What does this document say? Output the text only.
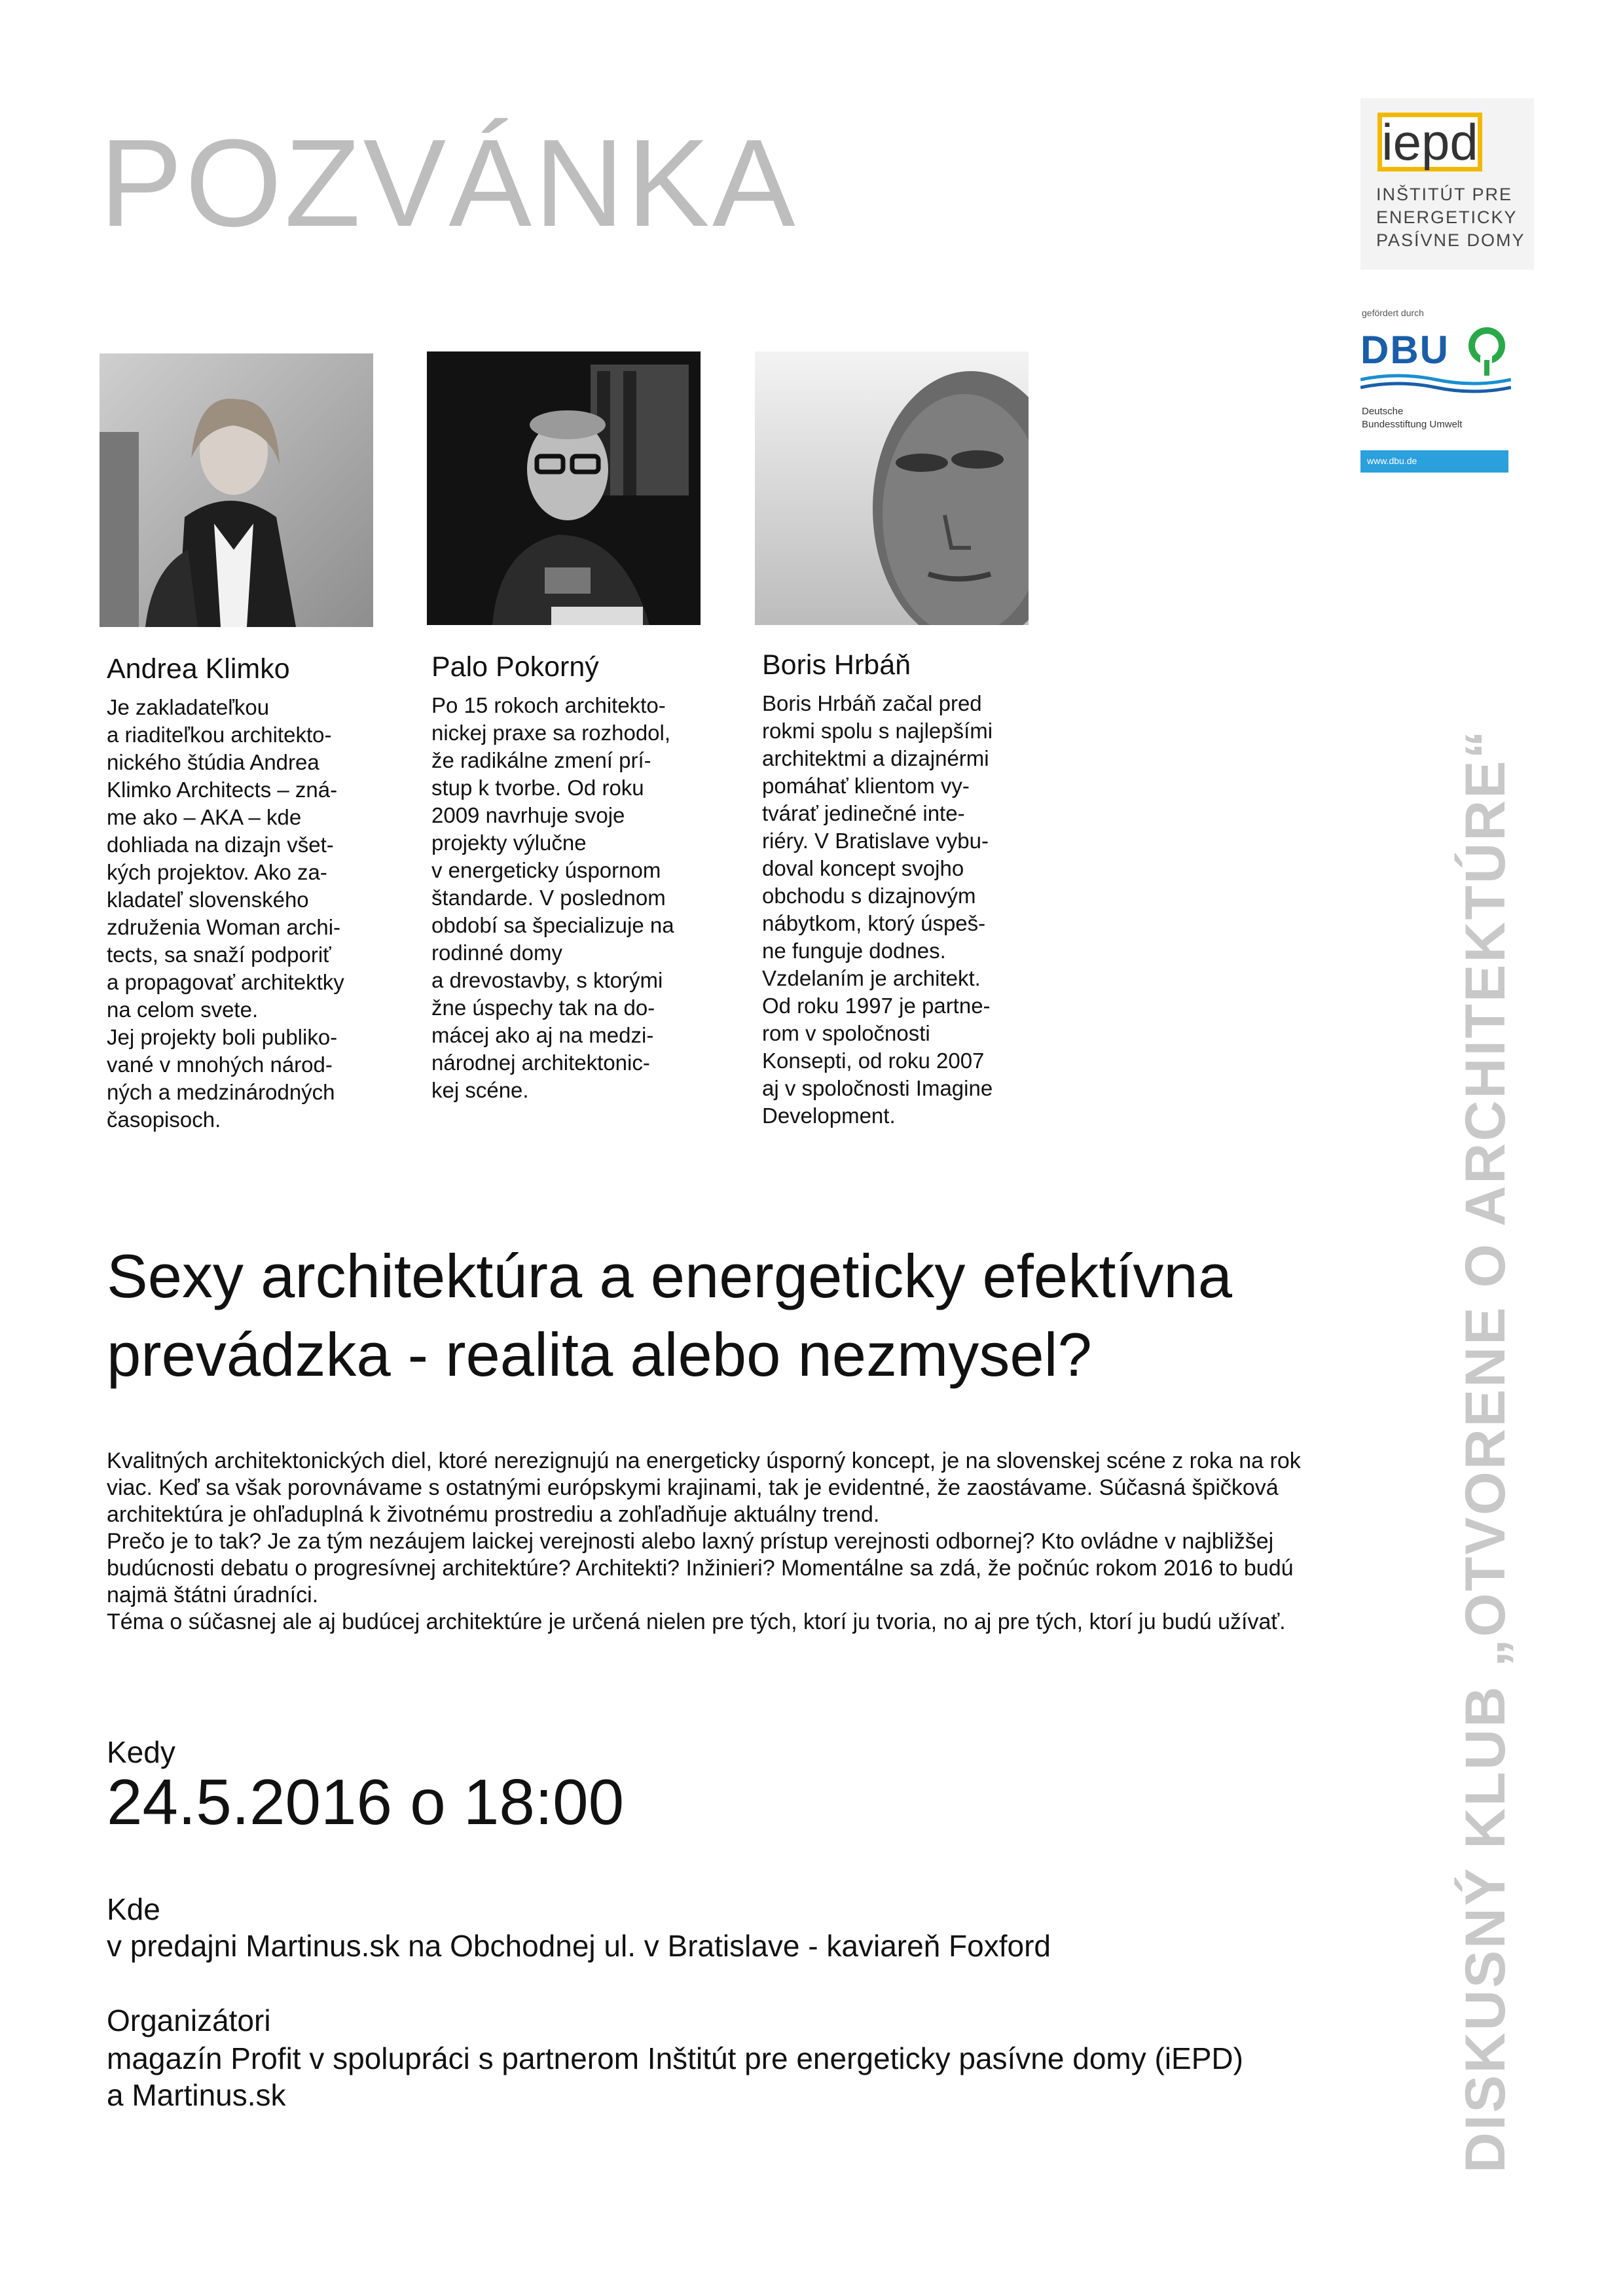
POZVÁNKA	iepd
INŠTITÚT PRE
ENERGETICKY
PASÍVNE DOMY
gefördert durch
DBU
Deutsche
Bundesstiftung Umwelt
www.dbu.de
Andrea Klimko
Je zakladateľkou
a riaditeľkou architekto-
nického štúdia Andrea
Klimko Architects – zná-
me ako – AKA – kde
dohliada na dizajn všet-
kých projektov. Ako za-
kladateľ slovenského
združenia Woman archi-
tects, sa snaží podporiť
a propagovať architektky
na celom svete.
Jej projekty boli publiko-
vané v mnohých národ-
ných a medzinárodných
časopisoch.
Palo Pokorný
Po 15 rokoch architekto-
nickej praxe sa rozhodol,
že radikálne zmení prí-
stup k tvorbe. Od roku
2009 navrhuje svoje
projekty výlučne
v energeticky úspornom
štandarde. V poslednom
období sa špecializuje na
rodinné domy
a drevostavby, s ktorými
žne úspechy tak na do-
mácej ako aj na medzi-
národnej architektonic-
kej scéne.
Boris Hrbáň
Boris Hrbáň začal pred
rokmi spolu s najlepšími
architektmi a dizajnérmi
pomáhať klientom vy-
tvárať jedinečné inte-
riéry. V Bratislave vybu-
doval koncept svojho
obchodu s dizajnovým
nábytkom, ktorý úspeš-
ne funguje dodnes.
Vzdelaním je architekt.
Od roku 1997 je partne-
rom v spoločnosti
Konsepti, od roku 2007
aj v spoločnosti Imagine
Development.
Sexy architektúra a energeticky efektívna prevádzka - realita alebo nezmysel?
Kvalitných architektonických diel, ktoré nerezignujú na energeticky úsporný koncept, je na slovenskej scéne z roka na rok
viac. Keď sa však porovnávame s ostatnými európskymi krajinami, tak je evidentné, že zaostávame. Súčasná špičková
architektúra je ohľaduplná k životnému prostrediu a zohľadňuje aktuálny trend.
Prečo je to tak? Je za tým nezáujem laickej verejnosti alebo laxný prístup verejnosti odbornej? Kto ovládne v najbližšej
budúcnosti debatu o progresívnej architektúre? Architekti? Inžinieri? Momentálne sa zdá, že počnúc rokom 2016 to budú
najmä štátni úradníci.
Téma o súčasnej ale aj budúcej architektúre je určená nielen pre tých, ktorí ju tvoria, no aj pre tých, ktorí ju budú užívať.
Kedy
24.5.2016 o 18:00
Kde
v predajni Martinus.sk na Obchodnej ul. v Bratislave - kaviareň Foxford
Organizátori
magazín Profit v spolupráci s partnerom Inštitút pre energeticky pasívne domy (iEPD)
a Martinus.sk	DISKUSNÝ KLUB „OTVORENE O ARCHITEKTÚRE“
